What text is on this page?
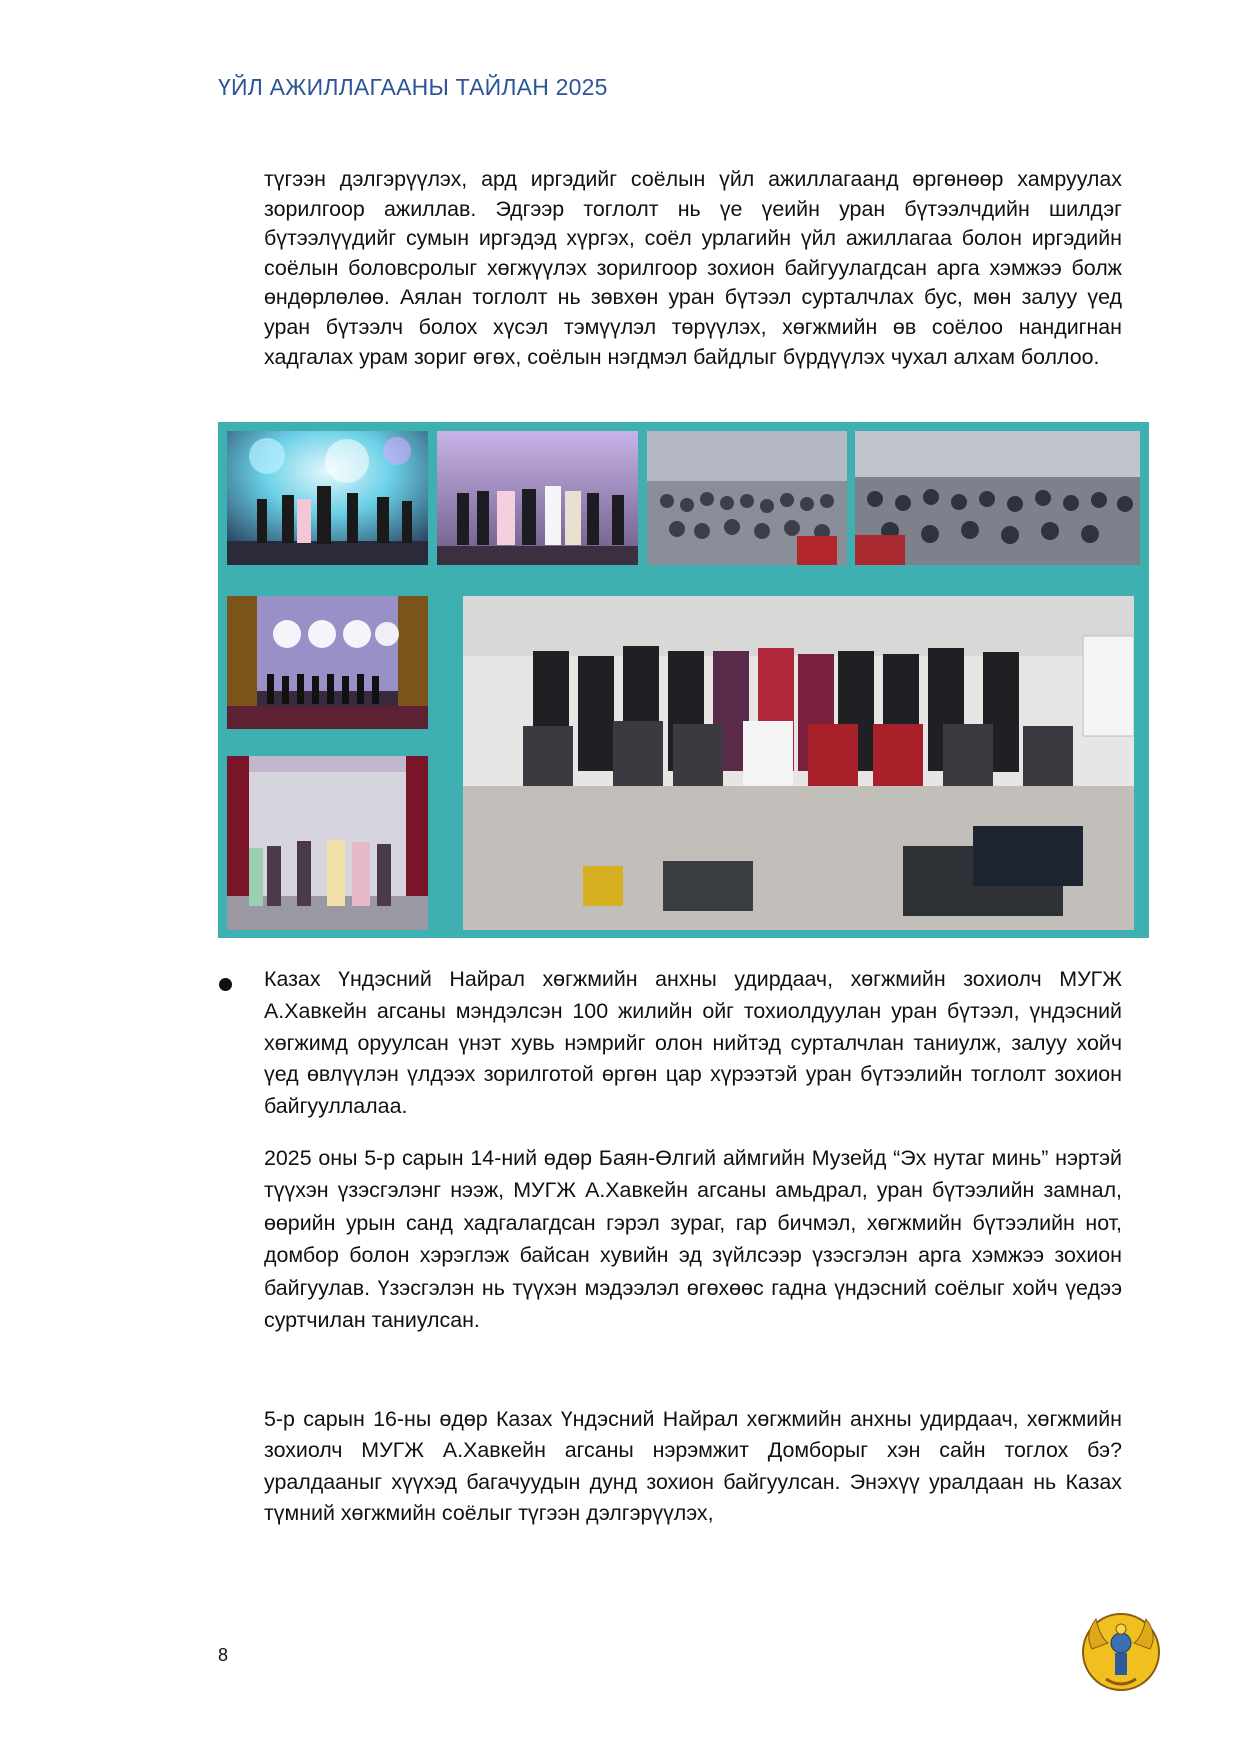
ҮЙЛ АЖИЛЛАГААНЫ ТАЙЛАН 2025

түгээн дэлгэрүүлэх, ард иргэдийг соёлын үйл ажиллагаанд өргөнөөр хамруулах зорилгоор ажиллав. Эдгээр тоглолт нь үе үеийн уран бүтээлчдийн шилдэг бүтээлүүдийг сумын иргэдэд хүргэх, соёл урлагийн үйл ажиллагаа болон иргэдийн соёлын боловсролыг хөгжүүлэх зорилгоор зохион байгуулагдсан арга хэмжээ болж өндөрлөлөө. Аялан тоглолт нь зөвхөн уран бүтээл сурталчлах бус, мөн залуу үед уран бүтээлч болох хүсэл тэмүүлэл төрүүлэх, хөгжмийн өв соёлоо нандигнан хадгалах урам зориг өгөх, соёлын нэгдмэл байдлыг бүрдүүлэх чухал алхам боллоо.

Казах Үндэсний Найрал хөгжмийн анхны удирдаач, хөгжмийн зохиолч МУГЖ А.Хавкейн агсаны мэндэлсэн 100 жилийн ойг тохиолдуулан уран бүтээл, үндэсний хөгжимд оруулсан үнэт хувь нэмрийг олон нийтэд сурталчлан таниулж, залуу хойч үед өвлүүлэн үлдээх зорилготой өргөн цар хүрээтэй уран бүтээлийн тоглолт зохион байгууллалаа.

2025 оны 5-р сарын 14-ний өдөр Баян-Өлгий аймгийн Музейд “Эх нутаг минь” нэртэй түүхэн үзэсгэлэнг нээж, МУГЖ А.Хавкейн агсаны амьдрал, уран бүтээлийн замнал, өөрийн урын санд хадгалагдсан гэрэл зураг, гар бичмэл, хөгжмийн бүтээлийн нот, домбор болон хэрэглэж байсан хувийн эд зүйлсээр үзэсгэлэн арга хэмжээ зохион байгуулав. Үзэсгэлэн нь түүхэн мэдээлэл өгөхөөс гадна үндэсний соёлыг хойч үедээ суртчилан таниулсан.

5-р сарын 16-ны өдөр Казах Үндэсний Найрал хөгжмийн анхны удирдаач, хөгжмийн зохиолч МУГЖ А.Хавкейн агсаны нэрэмжит Домборыг хэн сайн тоглох бэ? уралдааныг хүүхэд багачуудын дунд зохион байгуулсан. Энэхүү уралдаан нь Казах түмний хөгжмийн соёлыг түгээн дэлгэрүүлэх,

8
